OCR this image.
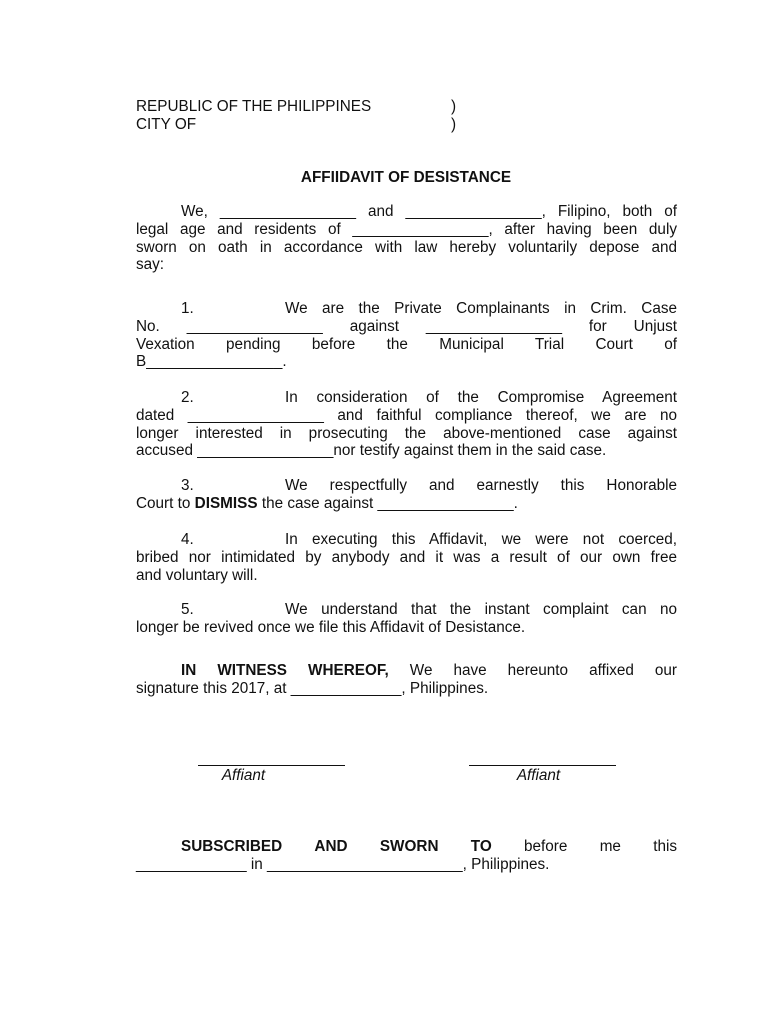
REPUBLIC OF THE PHILIPPINES	)
CITY OF	)
AFFIIDAVIT OF DESISTANCE
We, ________________ and ________________, Filipino, both of
legal age and residents of ________________, after having been duly
sworn on oath in accordance with law hereby voluntarily depose and
say:
1.	We are the Private Complainants in Crim. Case
No. ________________ against ________________ for Unjust
Vexation pending before the Municipal Trial Court of
B________________.
2.	In consideration of the Compromise Agreement
dated ________________ and faithful compliance thereof, we are no
longer interested in prosecuting the above-mentioned case against
accused ________________nor testify against them in the said case.
3.	We respectfully and earnestly this Honorable
Court to DISMISS the case against ________________.
4.	In executing this Affidavit, we were not coerced,
bribed nor intimidated by anybody and it was a result of our own free
and voluntary will.
5.	We understand that the instant complaint can no
longer be revived once we file this Affidavit of Desistance.
IN WITNESS WHEREOF, We have hereunto affixed our
signature this 2017, at _____________, Philippines.
Affiant	Affiant
SUBSCRIBED AND SWORN TO before me this
_____________ in _______________________, Philippines.
